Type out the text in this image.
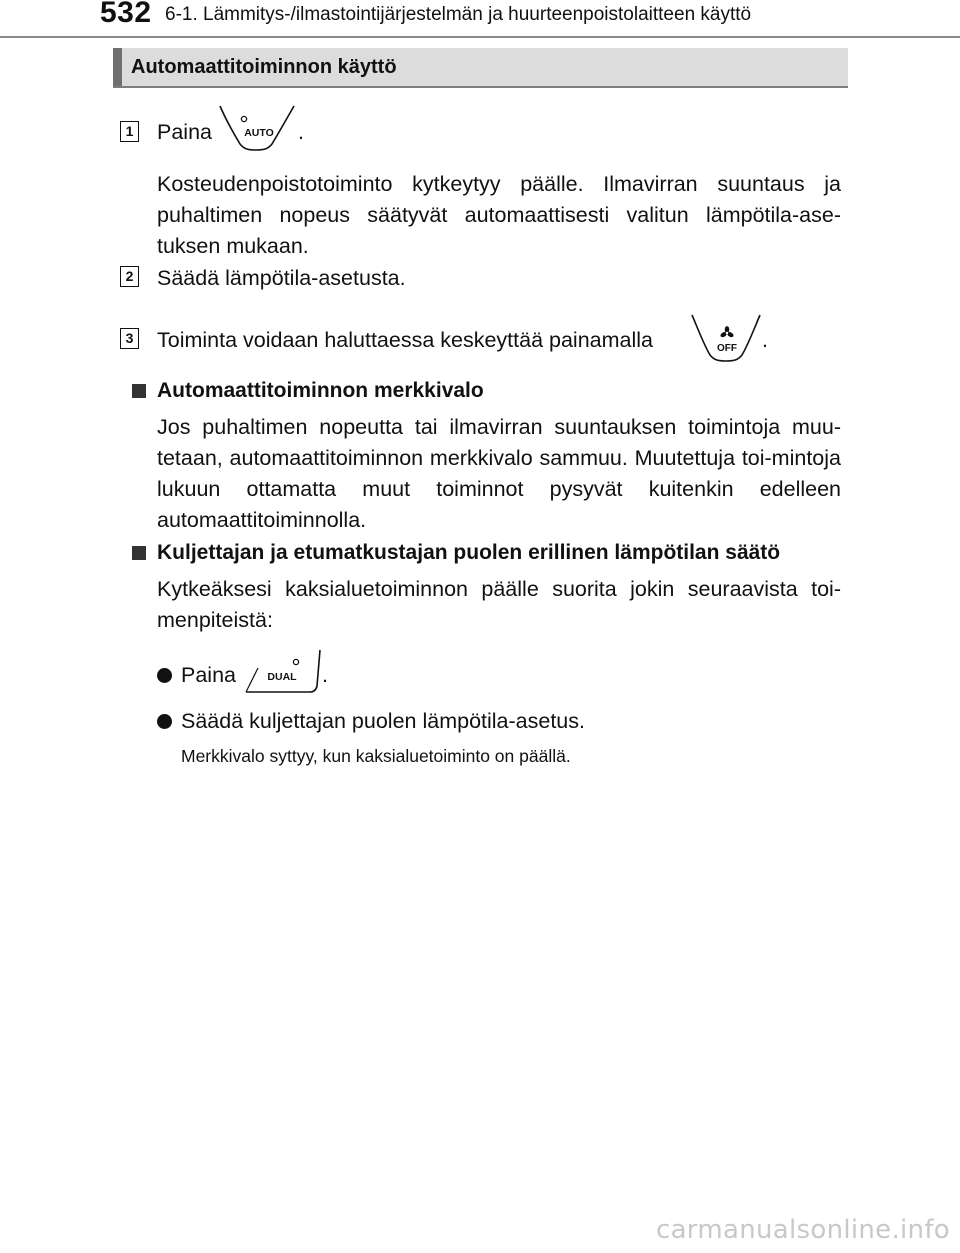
532 6-1. Lämmitys-/ilmastointijärjestelmän ja huurteenpoistolaitteen käyttö
Automaattitoiminnon käyttö
1 Paina	AUTO .
Kosteudenpoistotoiminto kytkeytyy päälle. Ilmavirran suuntaus ja puhaltimen nopeus säätyvät automaattisesti valitun lämpötila-ase-tuksen mukaan.
2 Säädä lämpötila-asetusta.
3 Toiminta voidaan haluttaessa keskeyttää painamalla	OFF .
Automaattitoiminnon merkkivalo
Jos puhaltimen nopeutta tai ilmavirran suuntauksen toimintoja muu-tetaan, automaattitoiminnon merkkivalo sammuu. Muutettuja toi-mintoja lukuun ottamatta muut toiminnot pysyvät kuitenkin edelleen automaattitoiminnolla.
Kuljettajan ja etumatkustajan puolen erillinen lämpötilan säätö
Kytkeäksesi kaksialuetoiminnon päälle suorita jokin seuraavista toi-menpiteistä:
Paina	DUAL .
Säädä kuljettajan puolen lämpötila-asetus.
Merkkivalo syttyy, kun kaksialuetoiminto on päällä.
carmanualsonline.info
